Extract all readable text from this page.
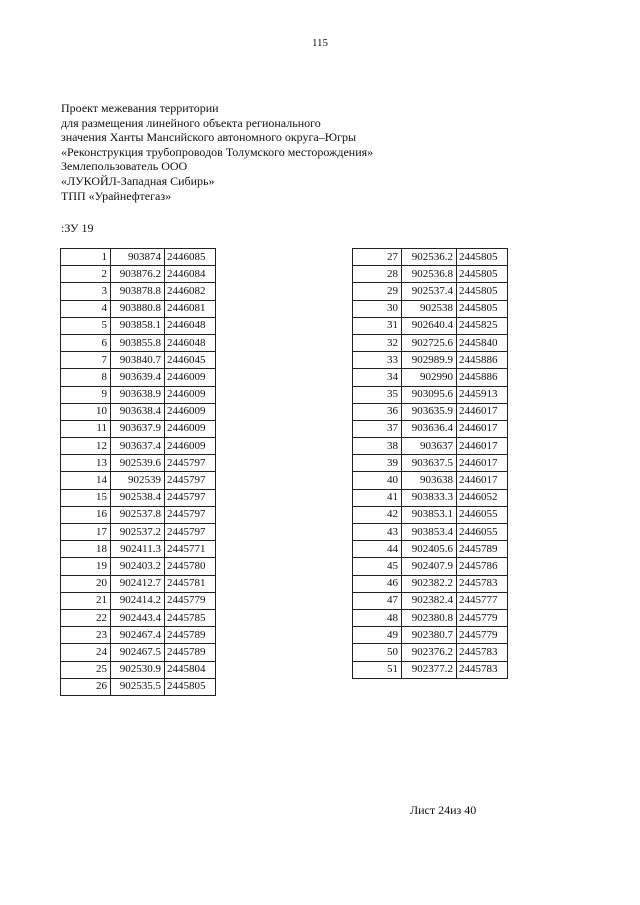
115
Проект межевания территории
для размещения линейного объекта регионального
значения Ханты Мансийского автономного округа–Югры
«Реконструкция трубопроводов Толумского месторождения»
Землепользователь ООО
«ЛУКОЙЛ-Западная Сибирь»
ТПП «Урайнефтегаз»
:ЗУ 19
1	903874	2446085
2	903876.2	2446084
3	903878.8	2446082
4	903880.8	2446081
5	903858.1	2446048
6	903855.8	2446048
7	903840.7	2446045
8	903639.4	2446009
9	903638.9	2446009
10	903638.4	2446009
11	903637.9	2446009
12	903637.4	2446009
13	902539.6	2445797
14	902539	2445797
15	902538.4	2445797
16	902537.8	2445797
17	902537.2	2445797
18	902411.3	2445771
19	902403.2	2445780
20	902412.7	2445781
21	902414.2	2445779
22	902443.4	2445785
23	902467.4	2445789
24	902467.5	2445789
25	902530.9	2445804
26	902535.5	2445805
27	902536.2	2445805
28	902536.8	2445805
29	902537.4	2445805
30	902538	2445805
31	902640.4	2445825
32	902725.6	2445840
33	902989.9	2445886
34	902990	2445886
35	903095.6	2445913
36	903635.9	2446017
37	903636.4	2446017
38	903637	2446017
39	903637.5	2446017
40	903638	2446017
41	903833.3	2446052
42	903853.1	2446055
43	903853.4	2446055
44	902405.6	2445789
45	902407.9	2445786
46	902382.2	2445783
47	902382.4	2445777
48	902380.8	2445779
49	902380.7	2445779
50	902376.2	2445783
51	902377.2	2445783
Лист 24из 40
